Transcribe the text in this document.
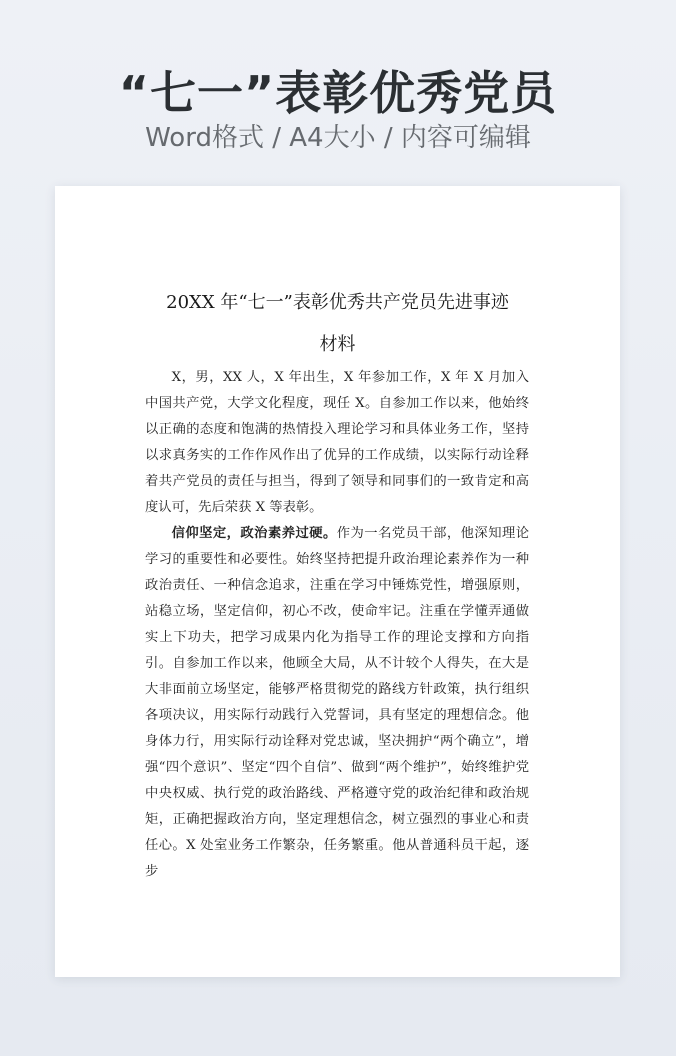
“七一”表彰优秀党员
Word格式 / A4大小 / 内容可编辑
20XX 年“七一”表彰优秀共产党员先进事迹
材料

X，男，XX 人，X 年出生，X 年参加工作，X 年 X 月加入中国共产党，大学文化程度，现任 X。自参加工作以来，他始终以正确的态度和饱满的热情投入理论学习和具体业务工作，坚持以求真务实的工作作风作出了优异的工作成绩，以实际行动诠释着共产党员的责任与担当，得到了领导和同事们的一致肯定和高度认可，先后荣获 X 等表彰。

信仰坚定，政治素养过硬。作为一名党员干部，他深知理论学习的重要性和必要性。始终坚持把提升政治理论素养作为一种政治责任、一种信念追求，注重在学习中锤炼党性，增强原则，站稳立场，坚定信仰，初心不改，使命牢记。注重在学懂弄通做实上下功夫，把学习成果内化为指导工作的理论支撑和方向指引。自参加工作以来，他顾全大局，从不计较个人得失，在大是大非面前立场坚定，能够严格贯彻党的路线方针政策，执行组织各项决议，用实际行动践行入党誓词，具有坚定的理想信念。他身体力行，用实际行动诠释对党忠诚，坚决拥护“两个确立”，增强“四个意识”、坚定“四个自信”、做到“两个维护”，始终维护党中央权威、执行党的政治路线、严格遵守党的政治纪律和政治规矩，正确把握政治方向，坚定理想信念，树立强烈的事业心和责任心。X 处室业务工作繁杂，任务繁重。他从普通科员干起，逐步
